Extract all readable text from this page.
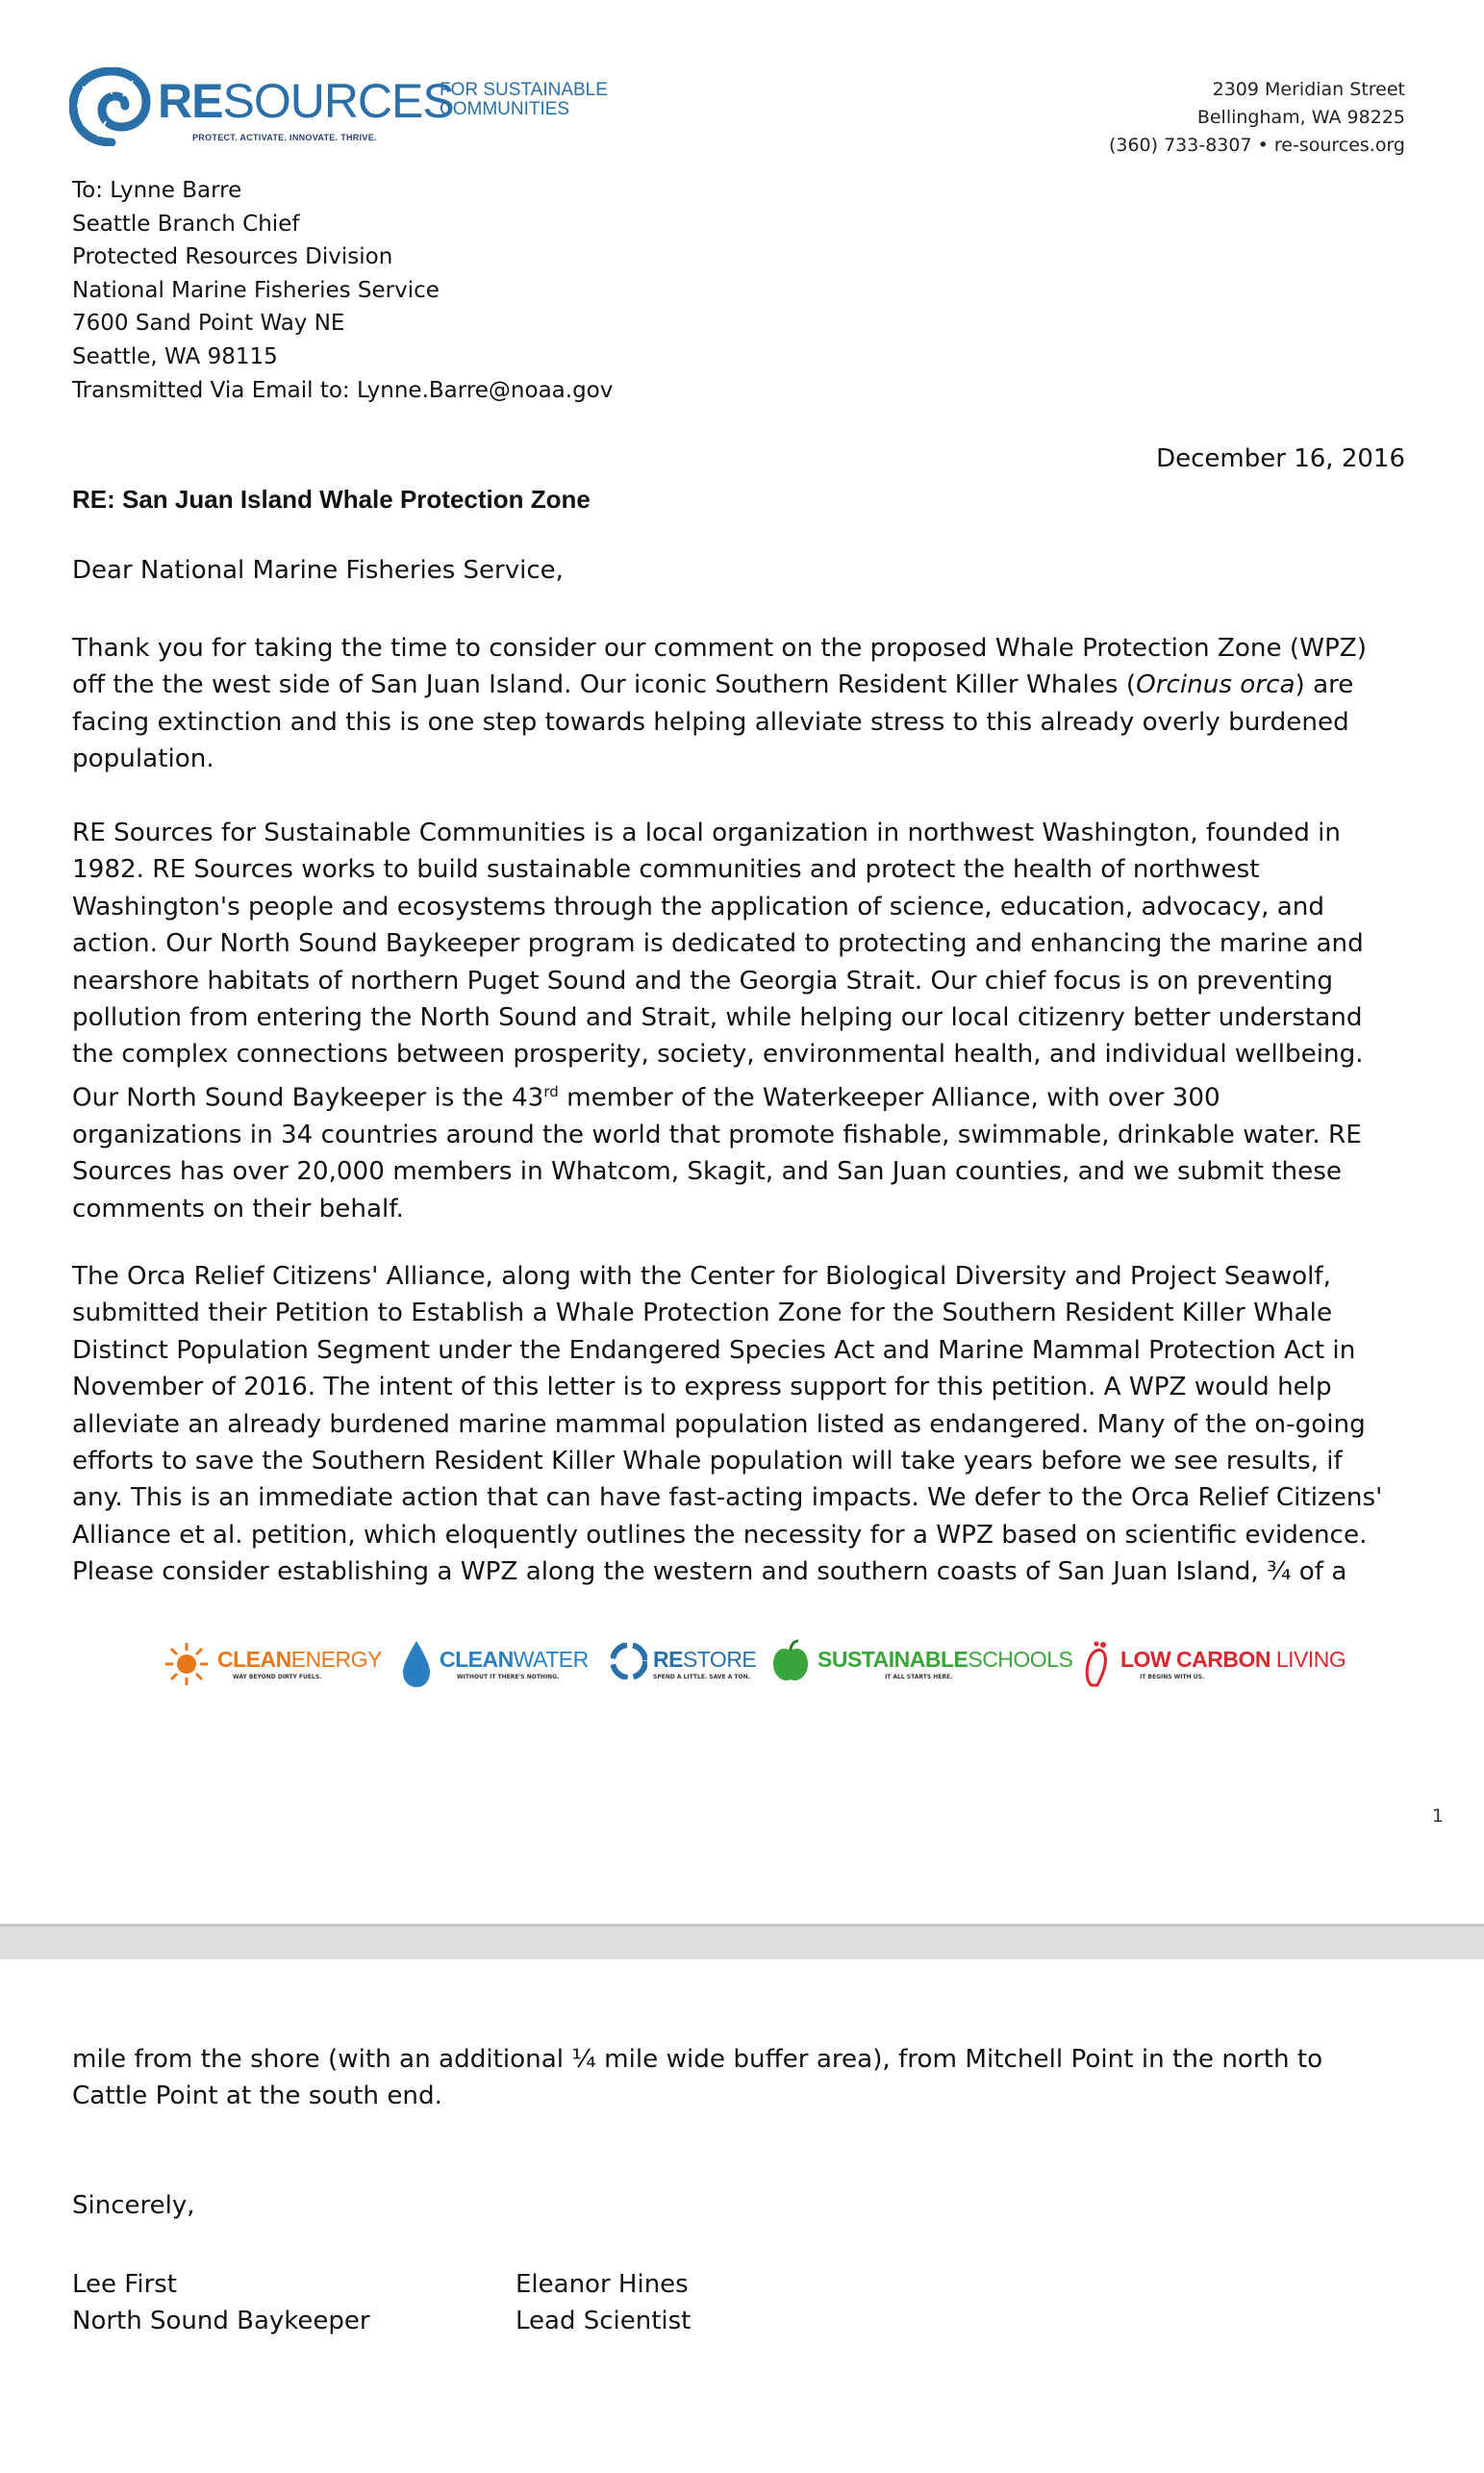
RESOURCES
FOR SUSTAINABLE
COMMUNITIES
PROTECT. ACTIVATE. INNOVATE. THRIVE.
2309 Meridian Street
Bellingham, WA 98225
(360) 733-8307 • re-sources.org
To: Lynne Barre
Seattle Branch Chief
Protected Resources Division
National Marine Fisheries Service
7600 Sand Point Way NE
Seattle, WA 98115
Transmitted Via Email to: Lynne.Barre@noaa.gov
December 16, 2016
RE: San Juan Island Whale Protection Zone
Dear National Marine Fisheries Service,
Thank you for taking the time to consider our comment on the proposed Whale Protection Zone (WPZ)
off the the west side of San Juan Island. Our iconic Southern Resident Killer Whales (Orcinus orca) are
facing extinction and this is one step towards helping alleviate stress to this already overly burdened
population.
RE Sources for Sustainable Communities is a local organization in northwest Washington, founded in
1982. RE Sources works to build sustainable communities and protect the health of northwest
Washington's people and ecosystems through the application of science, education, advocacy, and
action. Our North Sound Baykeeper program is dedicated to protecting and enhancing the marine and
nearshore habitats of northern Puget Sound and the Georgia Strait. Our chief focus is on preventing
pollution from entering the North Sound and Strait, while helping our local citizenry better understand
the complex connections between prosperity, society, environmental health, and individual wellbeing.
Our North Sound Baykeeper is the 43rd member of the Waterkeeper Alliance, with over 300
organizations in 34 countries around the world that promote fishable, swimmable, drinkable water. RE
Sources has over 20,000 members in Whatcom, Skagit, and San Juan counties, and we submit these
comments on their behalf.
The Orca Relief Citizens' Alliance, along with the Center for Biological Diversity and Project Seawolf,
submitted their Petition to Establish a Whale Protection Zone for the Southern Resident Killer Whale
Distinct Population Segment under the Endangered Species Act and Marine Mammal Protection Act in
November of 2016. The intent of this letter is to express support for this petition. A WPZ would help
alleviate an already burdened marine mammal population listed as endangered. Many of the on-going
efforts to save the Southern Resident Killer Whale population will take years before we see results, if
any. This is an immediate action that can have fast-acting impacts. We defer to the Orca Relief Citizens'
Alliance et al. petition, which eloquently outlines the necessity for a WPZ based on scientific evidence.
Please consider establishing a WPZ along the western and southern coasts of San Juan Island, ¾ of a
CLEANENERGY
WAY BEYOND DIRTY FUELS.
CLEANWATER
WITHOUT IT THERE'S NOTHING.
RESTORE
SPEND A LITTLE. SAVE A TON.
SUSTAINABLESCHOOLS
IT ALL STARTS HERE.
LOW CARBON LIVING
IT BEGINS WITH US.
1
mile from the shore (with an additional ¼ mile wide buffer area), from Mitchell Point in the north to
Cattle Point at the south end.
Sincerely,
Lee First
North Sound Baykeeper
Eleanor Hines
Lead Scientist
